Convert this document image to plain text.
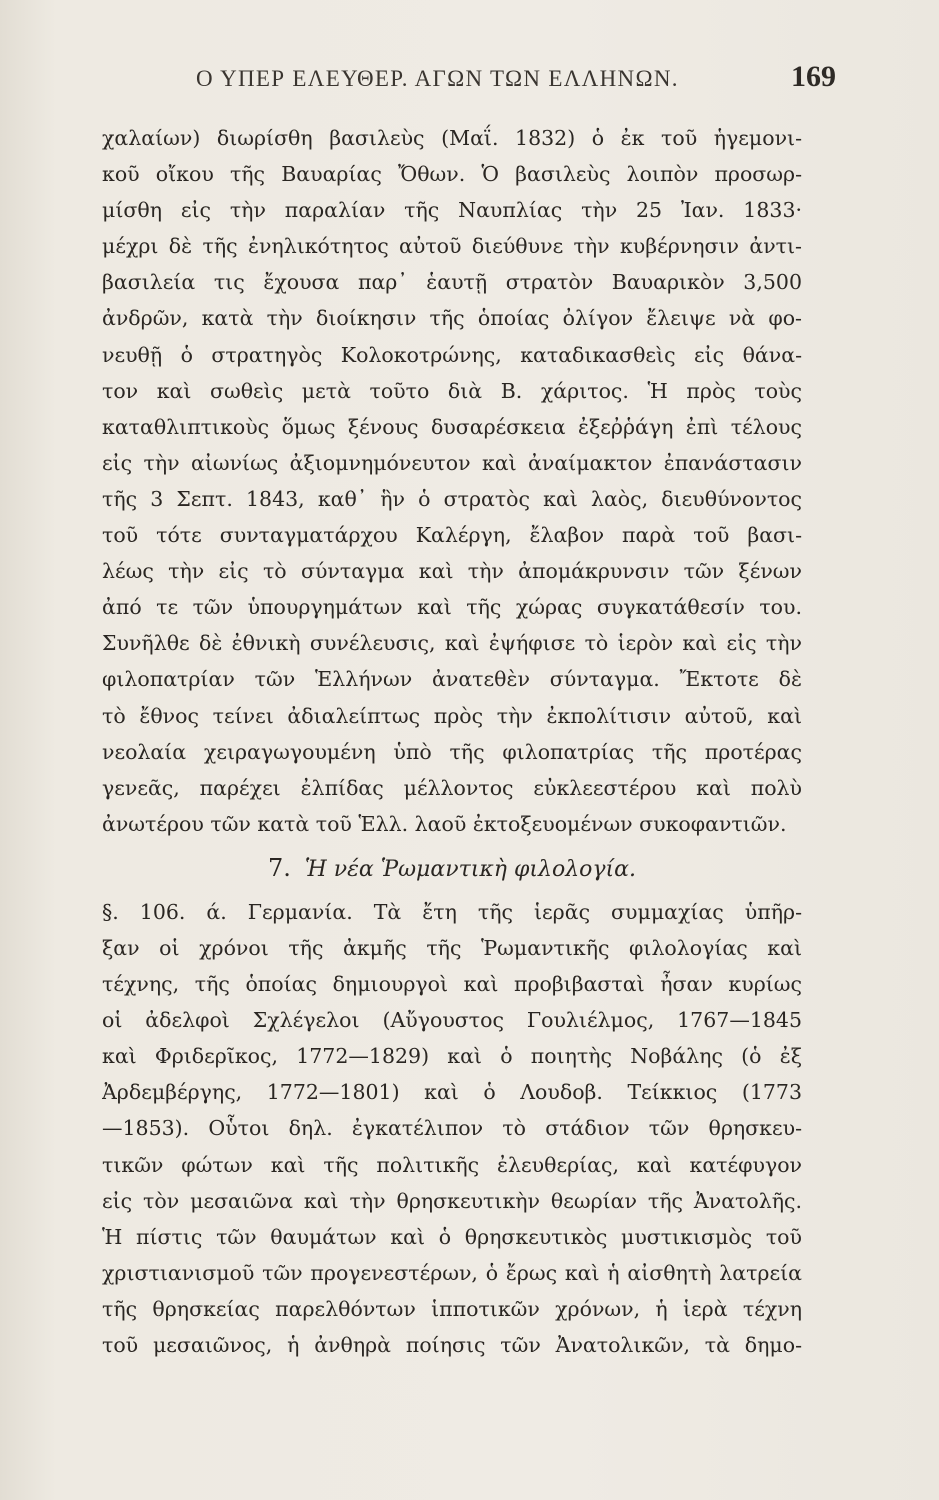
Ο ΥΠΕΡ ΕΛΕΥΘΕΡ. ΑΓΩΝ ΤΩΝ ΕΛΛΗΝΩΝ.	169
χαλαίων) διωρίσθη βασιλεὺς (Μαΐ. 1832) ὁ ἐκ τοῦ ἡγεμονι-
κοῦ οἴκου τῆς Βαυαρίας Ὄθων. Ὁ βασιλεὺς λοιπὸν προσωρ-
μίσθη εἰς τὴν παραλίαν τῆς Ναυπλίας τὴν 25 Ἰαν. 1833·
μέχρι δὲ τῆς ἐνηλικότητος αὐτοῦ διεύθυνε τὴν κυβέρνησιν ἀντι-
βασιλεία τις ἔχουσα παρ᾽ ἑαυτῇ στρατὸν Βαυαρικὸν 3,500
ἀνδρῶν, κατὰ τὴν διοίκησιν τῆς ὁποίας ὀλίγον ἔλειψε νὰ φο-
νευθῇ ὁ στρατηγὸς Κολοκοτρώνης, καταδικασθεὶς εἰς θάνα-
τον καὶ σωθεὶς μετὰ τοῦτο διὰ Β. χάριτος. Ἡ πρὸς τοὺς
καταθλιπτικοὺς ὅμως ξένους δυσαρέσκεια ἐξεῤῥάγη ἐπὶ τέλους
εἰς τὴν αἰωνίως ἀξιομνημόνευτον καὶ ἀναίμακτον ἐπανάστασιν
τῆς 3 Σεπτ. 1843, καθ᾽ ἣν ὁ στρατὸς καὶ λαὸς, διευθύνοντος
τοῦ τότε συνταγματάρχου Καλέργη, ἔλαβον παρὰ τοῦ βασι-
λέως τὴν εἰς τὸ σύνταγμα καὶ τὴν ἀπομάκρυνσιν τῶν ξένων
ἀπό τε τῶν ὑπουργημάτων καὶ τῆς χώρας συγκατάθεσίν του.
Συνῆλθε δὲ ἐθνικὴ συνέλευσις, καὶ ἐψήφισε τὸ ἱερὸν καὶ εἰς τὴν
φιλοπατρίαν τῶν Ἑλλήνων ἀνατεθὲν σύνταγμα. Ἔκτοτε δὲ
τὸ ἔθνος τείνει ἀδιαλείπτως πρὸς τὴν ἐκπολίτισιν αὐτοῦ, καὶ
νεολαία χειραγωγουμένη ὑπὸ τῆς φιλοπατρίας τῆς προτέρας
γενεᾶς, παρέχει ἐλπίδας μέλλοντος εὐκλεεστέρου καὶ πολὺ
ἀνωτέρου τῶν κατὰ τοῦ Ἑλλ. λαοῦ ἐκτοξευομένων συκοφαντιῶν.
7. Ἡ νέα Ῥωμαντικὴ φιλολογία.
§. 106. ά. Γερμανία. Τὰ ἔτη τῆς ἱερᾶς συμμαχίας ὑπῆρ-
ξαν οἱ χρόνοι τῆς ἀκμῆς τῆς Ῥωμαντικῆς φιλολογίας καὶ
τέχνης, τῆς ὁποίας δημιουργοὶ καὶ προβιβασταὶ ἦσαν κυρίως
οἱ ἀδελφοὶ Σχλέγελοι (Αὔγουστος Γουλιέλμος, 1767—1845
καὶ Φριδερῖκος, 1772—1829) καὶ ὁ ποιητὴς Νοβάλης (ὁ ἐξ
Ἀρδεμβέργης, 1772—1801) καὶ ὁ Λουδοβ. Τείκκιος (1773
—1853). Οὗτοι δηλ. ἐγκατέλιπον τὸ στάδιον τῶν θρησκευ-
τικῶν φώτων καὶ τῆς πολιτικῆς ἐλευθερίας, καὶ κατέφυγον
εἰς τὸν μεσαιῶνα καὶ τὴν θρησκευτικὴν θεωρίαν τῆς Ἀνατολῆς.
Ἡ πίστις τῶν θαυμάτων καὶ ὁ θρησκευτικὸς μυστικισμὸς τοῦ
χριστιανισμοῦ τῶν προγενεστέρων, ὁ ἔρως καὶ ἡ αἰσθητὴ λατρεία
τῆς θρησκείας παρελθόντων ἱπποτικῶν χρόνων, ἡ ἱερὰ τέχνη
τοῦ μεσαιῶνος, ἡ ἀνθηρὰ ποίησις τῶν Ἀνατολικῶν, τὰ δημο-
